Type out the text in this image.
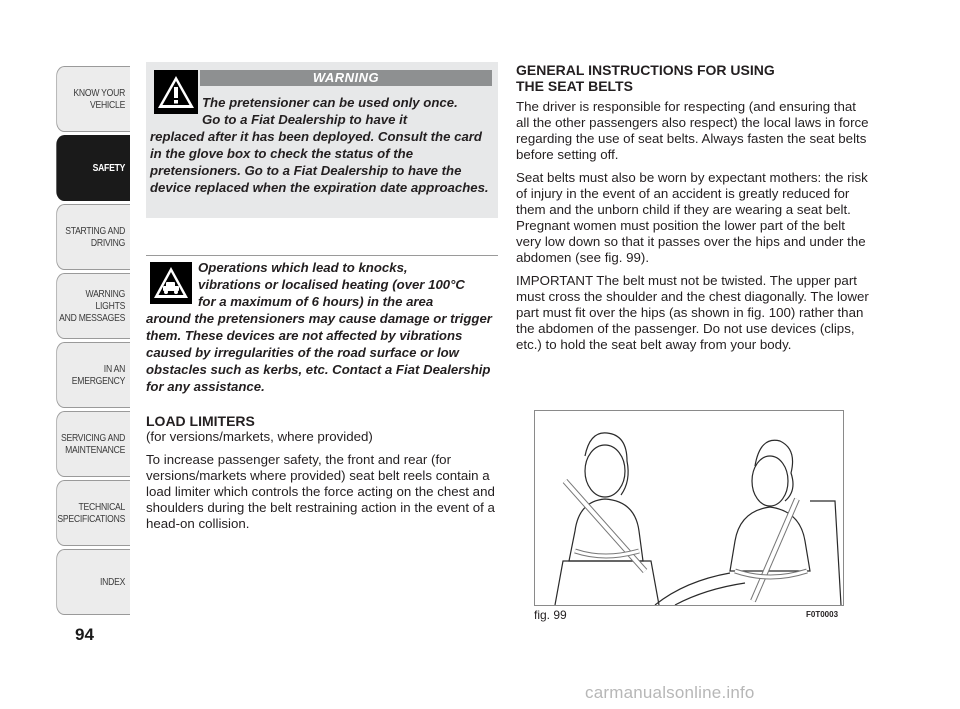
KNOW YOUR
VEHICLE
SAFETY
STARTING AND
DRIVING
WARNING LIGHTS
AND MESSAGES
IN AN EMERGENCY
SERVICING AND
MAINTENANCE
TECHNICAL
SPECIFICATIONS
INDEX
94
WARNING
The pretensioner can be used only once.
Go to a Fiat Dealership to have it
replaced after it has been deployed. Consult the card in the glove box to check the status of the pretensioners. Go to a Fiat Dealership to have the device replaced when the expiration date approaches.
Operations which lead to knocks,
vibrations or localised heating (over 100°C
for a maximum of 6 hours) in the area
around the pretensioners may cause damage or trigger them. These devices are not affected by vibrations caused by irregularities of the road surface or low obstacles such as kerbs, etc. Contact a Fiat Dealership for any assistance.

LOAD LIMITERS

(for versions/markets, where provided)

To increase passenger safety, the front and rear (for versions/markets where provided) seat belt reels contain a load limiter which controls the force acting on the chest and shoulders during the belt restraining action in the event of a head-on collision.

GENERAL INSTRUCTIONS FOR USING

THE SEAT BELTS

The driver is responsible for respecting (and ensuring that all the other passengers also respect) the local laws in force regarding the use of seat belts. Always fasten the seat belts before setting off.

Seat belts must also be worn by expectant mothers: the risk of injury in the event of an accident is greatly reduced for them and the unborn child if they are wearing a seat belt. Pregnant women must position the lower part of the belt very low down so that it passes over the hips and under the abdomen (see fig. 99).

IMPORTANT The belt must not be twisted. The upper part must cross the shoulder and the chest diagonally. The lower part must fit over the hips (as shown in fig. 100) rather than the abdomen of the passenger. Do not use devices (clips, etc.) to hold the seat belt away from your body.

fig. 99	F0T0003
carmanualsonline.info
